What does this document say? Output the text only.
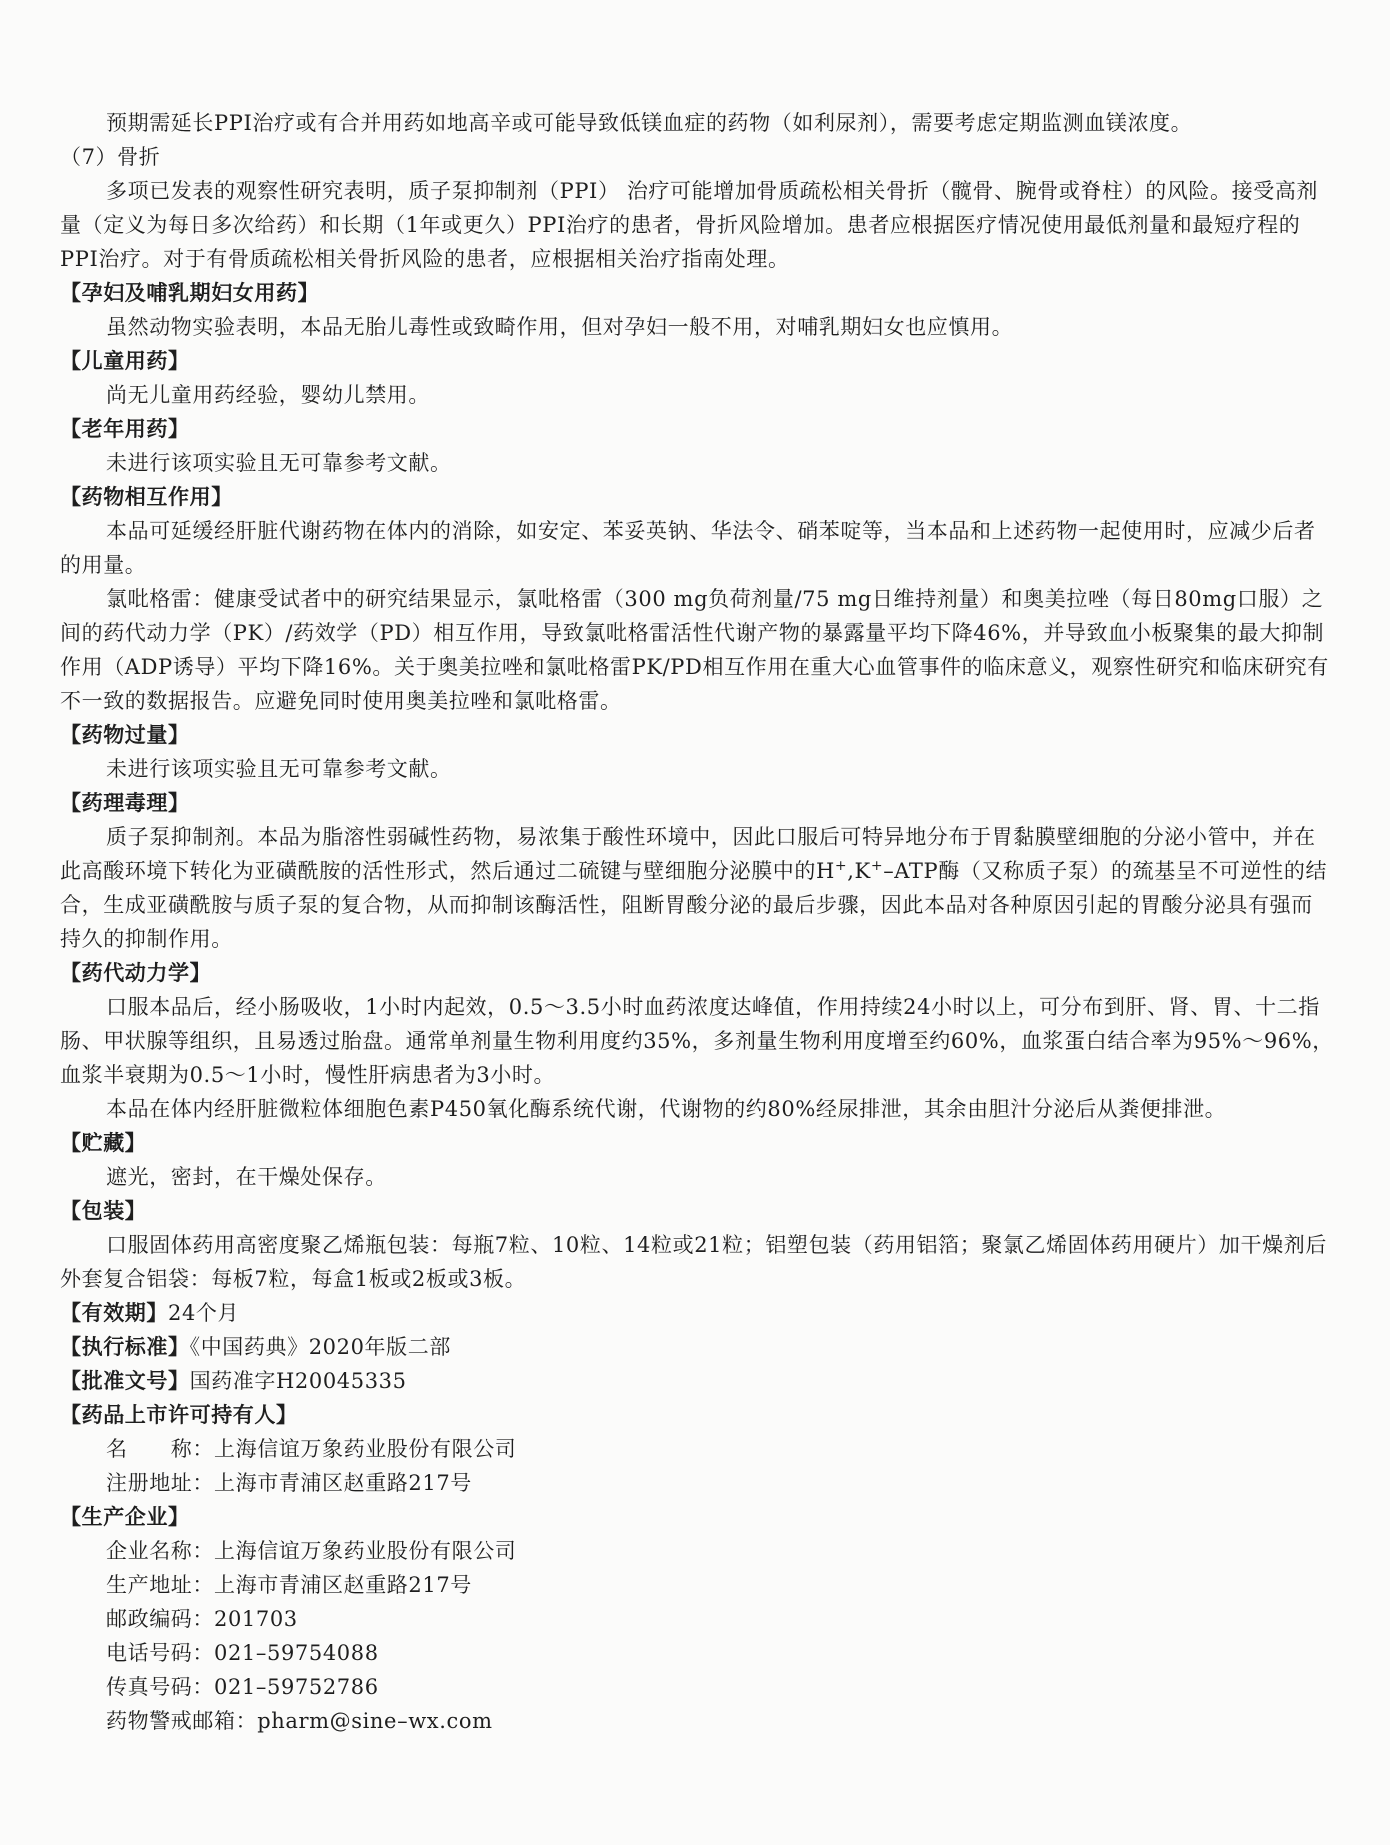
预期需延长PPI治疗或有合并用药如地高辛或可能导致低镁血症的药物（如利尿剂），需要考虑定期监测血镁浓度。

（7）骨折

多项已发表的观察性研究表明，质子泵抑制剂（PPI） 治疗可能增加骨质疏松相关骨折（髋骨、腕骨或脊柱）的风险。接受高剂量（定义为每日多次给药）和长期（1年或更久）PPI治疗的患者，骨折风险增加。患者应根据医疗情况使用最低剂量和最短疗程的PPI治疗。对于有骨质疏松相关骨折风险的患者，应根据相关治疗指南处理。

【孕妇及哺乳期妇女用药】

虽然动物实验表明，本品无胎儿毒性或致畸作用，但对孕妇一般不用，对哺乳期妇女也应慎用。

【儿童用药】

尚无儿童用药经验，婴幼儿禁用。

【老年用药】

未进行该项实验且无可靠参考文献。

【药物相互作用】

本品可延缓经肝脏代谢药物在体内的消除，如安定、苯妥英钠、华法令、硝苯啶等，当本品和上述药物一起使用时，应减少后者的用量。

氯吡格雷：健康受试者中的研究结果显示，氯吡格雷（300 mg负荷剂量/75 mg日维持剂量）和奥美拉唑（每日80mg口服）之间的药代动力学（PK）/药效学（PD）相互作用，导致氯吡格雷活性代谢产物的暴露量平均下降46%，并导致血小板聚集的最大抑制作用（ADP诱导）平均下降16%。关于奥美拉唑和氯吡格雷PK/PD相互作用在重大心血管事件的临床意义，观察性研究和临床研究有不一致的数据报告。应避免同时使用奥美拉唑和氯吡格雷。

【药物过量】

未进行该项实验且无可靠参考文献。

【药理毒理】

质子泵抑制剂。本品为脂溶性弱碱性药物，易浓集于酸性环境中，因此口服后可特异地分布于胃黏膜壁细胞的分泌小管中，并在此高酸环境下转化为亚磺酰胺的活性形式，然后通过二硫键与壁细胞分泌膜中的H+,K+–ATP酶（又称质子泵）的巯基呈不可逆性的结合，生成亚磺酰胺与质子泵的复合物，从而抑制该酶活性，阻断胃酸分泌的最后步骤，因此本品对各种原因引起的胃酸分泌具有强而持久的抑制作用。

【药代动力学】

口服本品后，经小肠吸收，1小时内起效，0.5～3.5小时血药浓度达峰值，作用持续24小时以上，可分布到肝、肾、胃、十二指肠、甲状腺等组织，且易透过胎盘。通常单剂量生物利用度约35%，多剂量生物利用度增至约60%，血浆蛋白结合率为95%～96%，血浆半衰期为0.5～1小时，慢性肝病患者为3小时。

本品在体内经肝脏微粒体细胞色素P450氧化酶系统代谢，代谢物的约80%经尿排泄，其余由胆汁分泌后从粪便排泄。

【贮藏】

遮光，密封，在干燥处保存。

【包装】

口服固体药用高密度聚乙烯瓶包装：每瓶7粒、10粒、14粒或21粒；铝塑包装（药用铝箔；聚氯乙烯固体药用硬片）加干燥剂后外套复合铝袋：每板7粒，每盒1板或2板或3板。

【有效期】24个月

【执行标准】《中国药典》2020年版二部

【批准文号】国药准字H20045335

【药品上市许可持有人】

名　　称：上海信谊万象药业股份有限公司

注册地址：上海市青浦区赵重路217号

【生产企业】

企业名称：上海信谊万象药业股份有限公司

生产地址：上海市青浦区赵重路217号

邮政编码：201703

电话号码：021–59754088

传真号码：021–59752786

药物警戒邮箱：pharm@sine–wx.com
